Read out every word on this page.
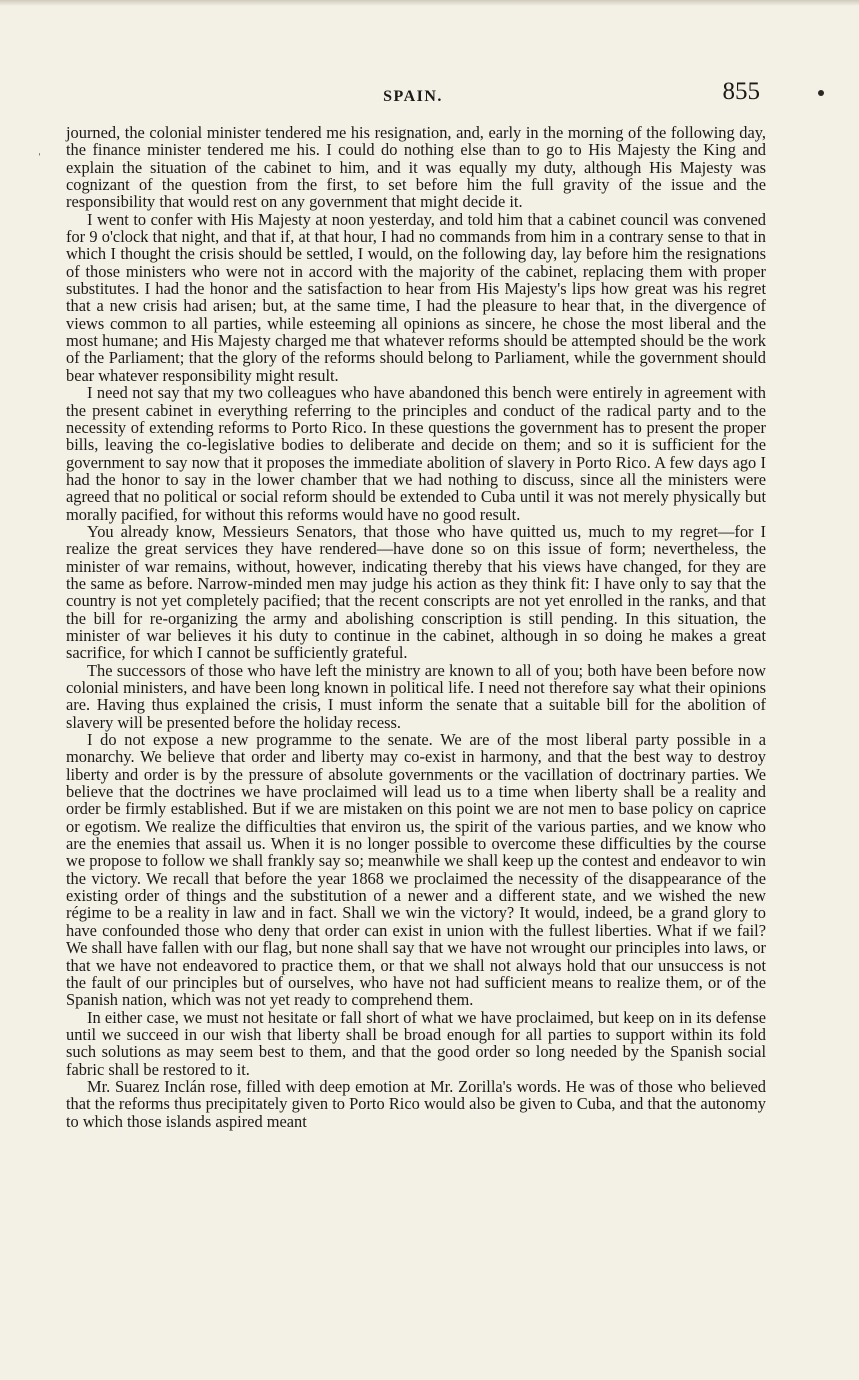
SPAIN.	855
ˌ

journed, the colonial minister tendered me his resignation, and, early in the morning of the following day, the finance minister tendered me his. I could do nothing else than to go to His Majesty the King and explain the situation of the cabinet to him, and it was equally my duty, although His Majesty was cognizant of the question from the first, to set before him the full gravity of the issue and the responsibility that would rest on any government that might decide it.

I went to confer with His Majesty at noon yesterday, and told him that a cabinet council was convened for 9 o'clock that night, and that if, at that hour, I had no commands from him in a contrary sense to that in which I thought the crisis should be settled, I would, on the following day, lay before him the resignations of those ministers who were not in accord with the majority of the cabinet, replacing them with proper substitutes. I had the honor and the satisfaction to hear from His Majesty's lips how great was his regret that a new crisis had arisen; but, at the same time, I had the pleasure to hear that, in the divergence of views common to all parties, while esteeming all opinions as sincere, he chose the most liberal and the most humane; and His Majesty charged me that whatever reforms should be attempted should be the work of the Parliament; that the glory of the reforms should belong to Parliament, while the government should bear whatever responsibility might result.

I need not say that my two colleagues who have abandoned this bench were entirely in agreement with the present cabinet in everything referring to the principles and conduct of the radical party and to the necessity of extending reforms to Porto Rico. In these questions the government has to present the proper bills, leaving the co-legislative bodies to deliberate and decide on them; and so it is sufficient for the government to say now that it proposes the immediate abolition of slavery in Porto Rico. A few days ago I had the honor to say in the lower chamber that we had nothing to discuss, since all the ministers were agreed that no political or social reform should be extended to Cuba until it was not merely physically but morally pacified, for without this reforms would have no good result.

You already know, Messieurs Senators, that those who have quitted us, much to my regret—for I realize the great services they have rendered—have done so on this issue of form; nevertheless, the minister of war remains, without, however, indicating thereby that his views have changed, for they are the same as before. Narrow-minded men may judge his action as they think fit: I have only to say that the country is not yet completely pacified; that the recent conscripts are not yet enrolled in the ranks, and that the bill for re-organizing the army and abolishing conscription is still pending. In this situation, the minister of war believes it his duty to continue in the cabinet, although in so doing he makes a great sacrifice, for which I cannot be sufficiently grateful.

The successors of those who have left the ministry are known to all of you; both have been before now colonial ministers, and have been long known in political life. I need not therefore say what their opinions are. Having thus explained the crisis, I must inform the senate that a suitable bill for the abolition of slavery will be presented before the holiday recess.

I do not expose a new programme to the senate. We are of the most liberal party possible in a monarchy. We believe that order and liberty may co-exist in harmony, and that the best way to destroy liberty and order is by the pressure of absolute governments or the vacillation of doctrinary parties. We believe that the doctrines we have proclaimed will lead us to a time when liberty shall be a reality and order be firmly established. But if we are mistaken on this point we are not men to base policy on caprice or egotism. We realize the difficulties that environ us, the spirit of the various parties, and we know who are the enemies that assail us. When it is no longer possible to overcome these difficulties by the course we propose to follow we shall frankly say so; meanwhile we shall keep up the contest and endeavor to win the victory. We recall that before the year 1868 we proclaimed the necessity of the disappearance of the existing order of things and the substitution of a newer and a different state, and we wished the new régime to be a reality in law and in fact. Shall we win the victory? It would, indeed, be a grand glory to have confounded those who deny that order can exist in union with the fullest liberties. What if we fail? We shall have fallen with our flag, but none shall say that we have not wrought our principles into laws, or that we have not endeavored to practice them, or that we shall not always hold that our unsuccess is not the fault of our principles but of ourselves, who have not had sufficient means to realize them, or of the Spanish nation, which was not yet ready to comprehend them.

In either case, we must not hesitate or fall short of what we have proclaimed, but keep on in its defense until we succeed in our wish that liberty shall be broad enough for all parties to support within its fold such solutions as may seem best to them, and that the good order so long needed by the Spanish social fabric shall be restored to it.

Mr. Suarez Inclán rose, filled with deep emotion at Mr. Zorilla's words. He was of those who believed that the reforms thus precipitately given to Porto Rico would also be given to Cuba, and that the autonomy to which those islands aspired meant
